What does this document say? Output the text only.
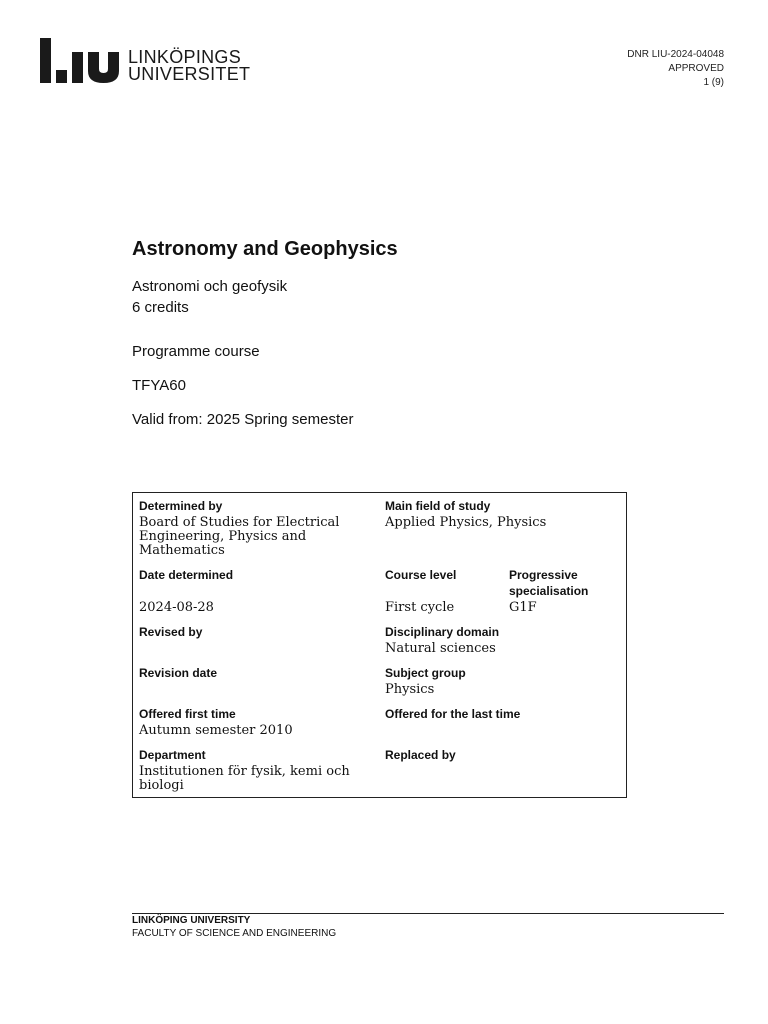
LINKÖPINGS
UNIVERSITET
DNR LIU-2024-04048
APPROVED
1 (9)
Astronomy and Geophysics
Astronomi och geofysik
6 credits
Programme course
TFYA60
Valid from: 2025 Spring semester
Determined by	Main field of study	
Board of Studies for Electrical Engineering, Physics and Mathematics	Applied Physics, Physics	
Date determined	Course level	Progressive specialisation
2024-08-28	First cycle	G1F
Revised by	Disciplinary domain	
	Natural sciences	
Revision date	Subject group	
	Physics	
Offered first time	Offered for the last time	
Autumn semester 2010		
Department	Replaced by	
Institutionen för fysik, kemi och biologi		
LINKÖPING UNIVERSITY
FACULTY OF SCIENCE AND ENGINEERING
